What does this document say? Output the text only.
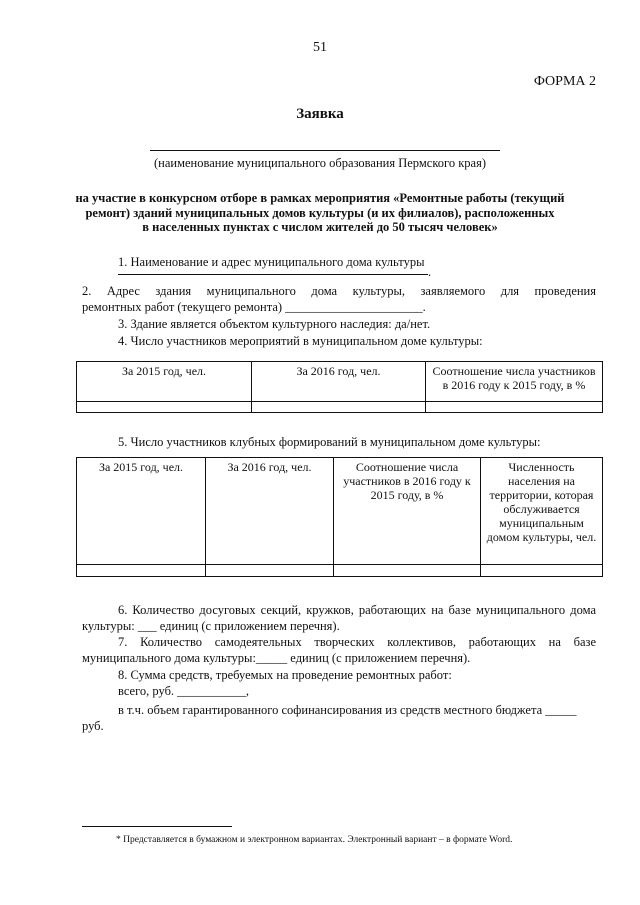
51
ФОРМА 2
Заявка
(наименование муниципального образования Пермского края)
на участие в конкурсном отборе в рамках мероприятия «Ремонтные работы (текущий
ремонт) зданий муниципальных домов культуры (и их филиалов), расположенных
в населенных пунктах с числом жителей до 50 тысяч человек»
1. Наименование и адрес муниципального дома культуры
.
2. Адрес здания муниципального дома культуры, заявляемого для проведения
ремонтных работ (текущего ремонта) ______________________.
3. Здание является объектом культурного наследия: да/нет.
4. Число участников мероприятий в муниципальном доме культуры:
За 2015 год, чел.	За 2016 год, чел.	Соотношение числа участников в 2016 году к 2015 году, в %

5. Число участников клубных формирований в муниципальном доме культуры:
За 2015 год, чел.	За 2016 год, чел.	Соотношение числа участников в 2016 году к 2015 году, в %	Численность населения на территории, которая обслуживается муниципальным домом культуры, чел.

6. Количество досуговых секций, кружков, работающих на базе муниципального дома
культуры: ___ единиц (с приложением перечня).
7. Количество самодеятельных творческих коллективов, работающих на базе
муниципального дома культуры:_____ единиц (с приложением перечня).
8. Сумма средств, требуемых на проведение ремонтных работ:
всего, руб. ___________,
в т.ч. объем гарантированного софинансирования из средств местного бюджета _____
руб.
* Представляется в бумажном и электронном вариантах. Электронный вариант – в формате Word.
